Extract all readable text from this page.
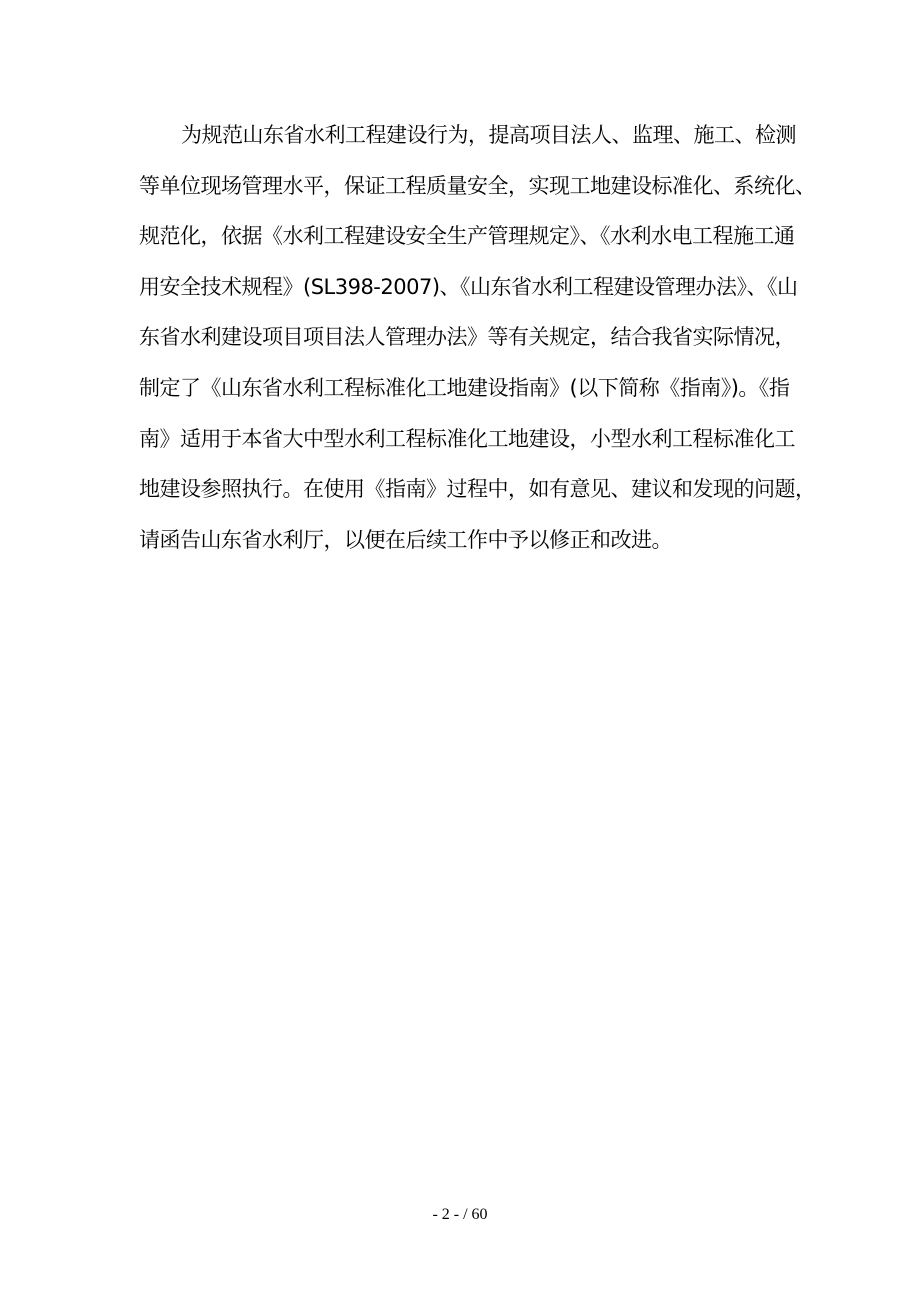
为规范山东省水利工程建设行为，提高项目法人、监理、施工、检测
等单位现场管理水平，保证工程质量安全，实现工地建设标准化、系统化、
规范化，依据《水利工程建设安全生产管理规定》、《水利水电工程施工通
用安全技术规程》(SL398-2007)、《山东省水利工程建设管理办法》、《山
东省水利建设项目项目法人管理办法》等有关规定，结合我省实际情况，
制定了《山东省水利工程标准化工地建设指南》(以下简称《指南》)。《指
南》适用于本省大中型水利工程标准化工地建设，小型水利工程标准化工
地建设参照执行。在使用《指南》过程中，如有意见、建议和发现的问题，
请函告山东省水利厅，以便在后续工作中予以修正和改进。

- 2 - / 60
